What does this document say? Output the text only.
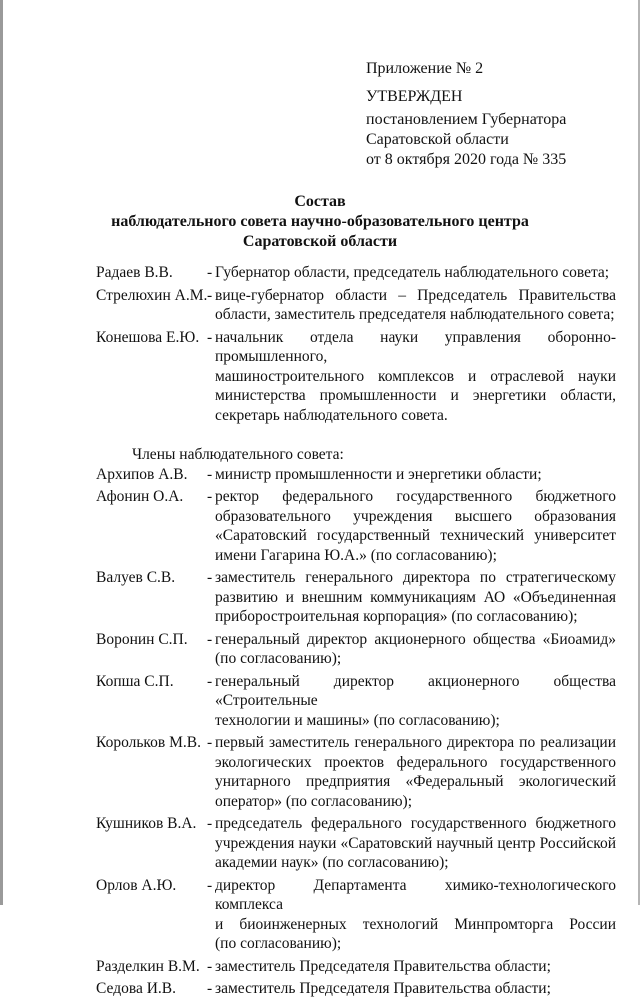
Приложение № 2
УТВЕРЖДЕН
постановлением Губернатора
Саратовской области
от 8 октября 2020 года № 335
Состав
наблюдательного совета научно-образовательного центра
Саратовской области
Радаев В.В.	- Губернатор области, председатель наблюдательного совета;
Стрелюхин А.М. - вице-губернатор области – Председатель Правительства
области, заместитель председателя наблюдательного совета;
Конешова Е.Ю. - начальник отдела науки управления оборонно-промышленного,
машиностроительного комплексов и отраслевой науки
министерства промышленности и энергетики области,
секретарь наблюдательного совета.
Члены наблюдательного совета:
Архипов А.В.	- министр промышленности и энергетики области;
Афонин О.А.	- ректор федерального государственного бюджетного
образовательного учреждения высшего образования
«Саратовский государственный технический университет
имени Гагарина Ю.А.» (по согласованию);
Валуев С.В.	- заместитель генерального директора по стратегическому
развитию и внешним коммуникациям АО «Объединенная
приборостроительная корпорация» (по согласованию);
Воронин С.П.	- генеральный директор акционерного общества «Биоамид»
(по согласованию);
Копша С.П.	- генеральный директор акционерного общества «Строительные
технологии и машины» (по согласованию);
Корольков М.В. - первый заместитель генерального директора по реализации
экологических проектов федерального государственного
унитарного предприятия «Федеральный экологический
оператор» (по согласованию);
Кушников В.А. - председатель федерального государственного бюджетного
учреждения науки «Саратовский научный центр Российской
академии наук» (по согласованию);
Орлов А.Ю.	- директор Департамента химико-технологического комплекса
и биоинженерных технологий Минпромторга России
(по согласованию);
Разделкин В.М. - заместитель Председателя Правительства области;
Седова И.В.	- заместитель Председателя Правительства области;
